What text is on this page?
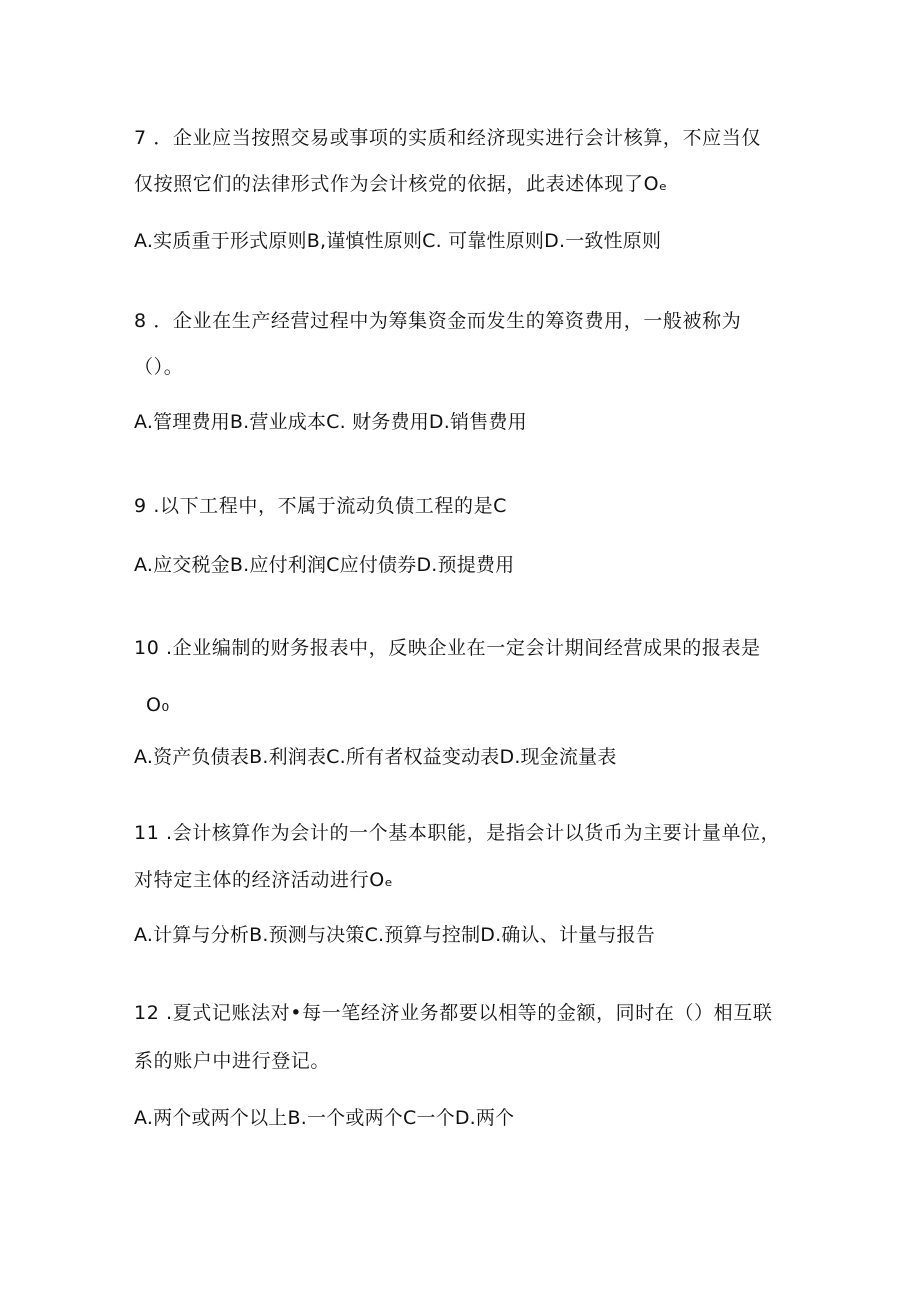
7 ．企业应当按照交易或事项的实质和经济现实进行会计核算，不应当仅
仅按照它们的法律形式作为会计核党的依据，此表述体现了Oₑ
A.实质重于形式原则B,谨慎性原则C. 可靠性原则D.一致性原则
8 ．企业在生产经营过程中为筹集资金而发生的筹资费用，一般被称为
（）。
A.管理费用B.营业成本C. 财务费用D.销售费用
9 .以下工程中，不属于流动负债工程的是C
A.应交税金B.应付利润C应付债券D.预提费用
10 .企业编制的财务报表中，反映企业在一定会计期间经营成果的报表是
O₀
A.资产负债表B.利润表C.所有者权益变动表D.现金流量表
11 .会计核算作为会计的一个基本职能，是指会计以货币为主要计量单位，
对特定主体的经济活动进行Oₑ
A.计算与分析B.预测与决策C.预算与控制D.确认、计量与报告
12 .夏式记账法对•每一笔经济业务都要以相等的金额，同时在（）相互联
系的账户中进行登记。
A.两个或两个以上B.一个或两个C一个D.两个
